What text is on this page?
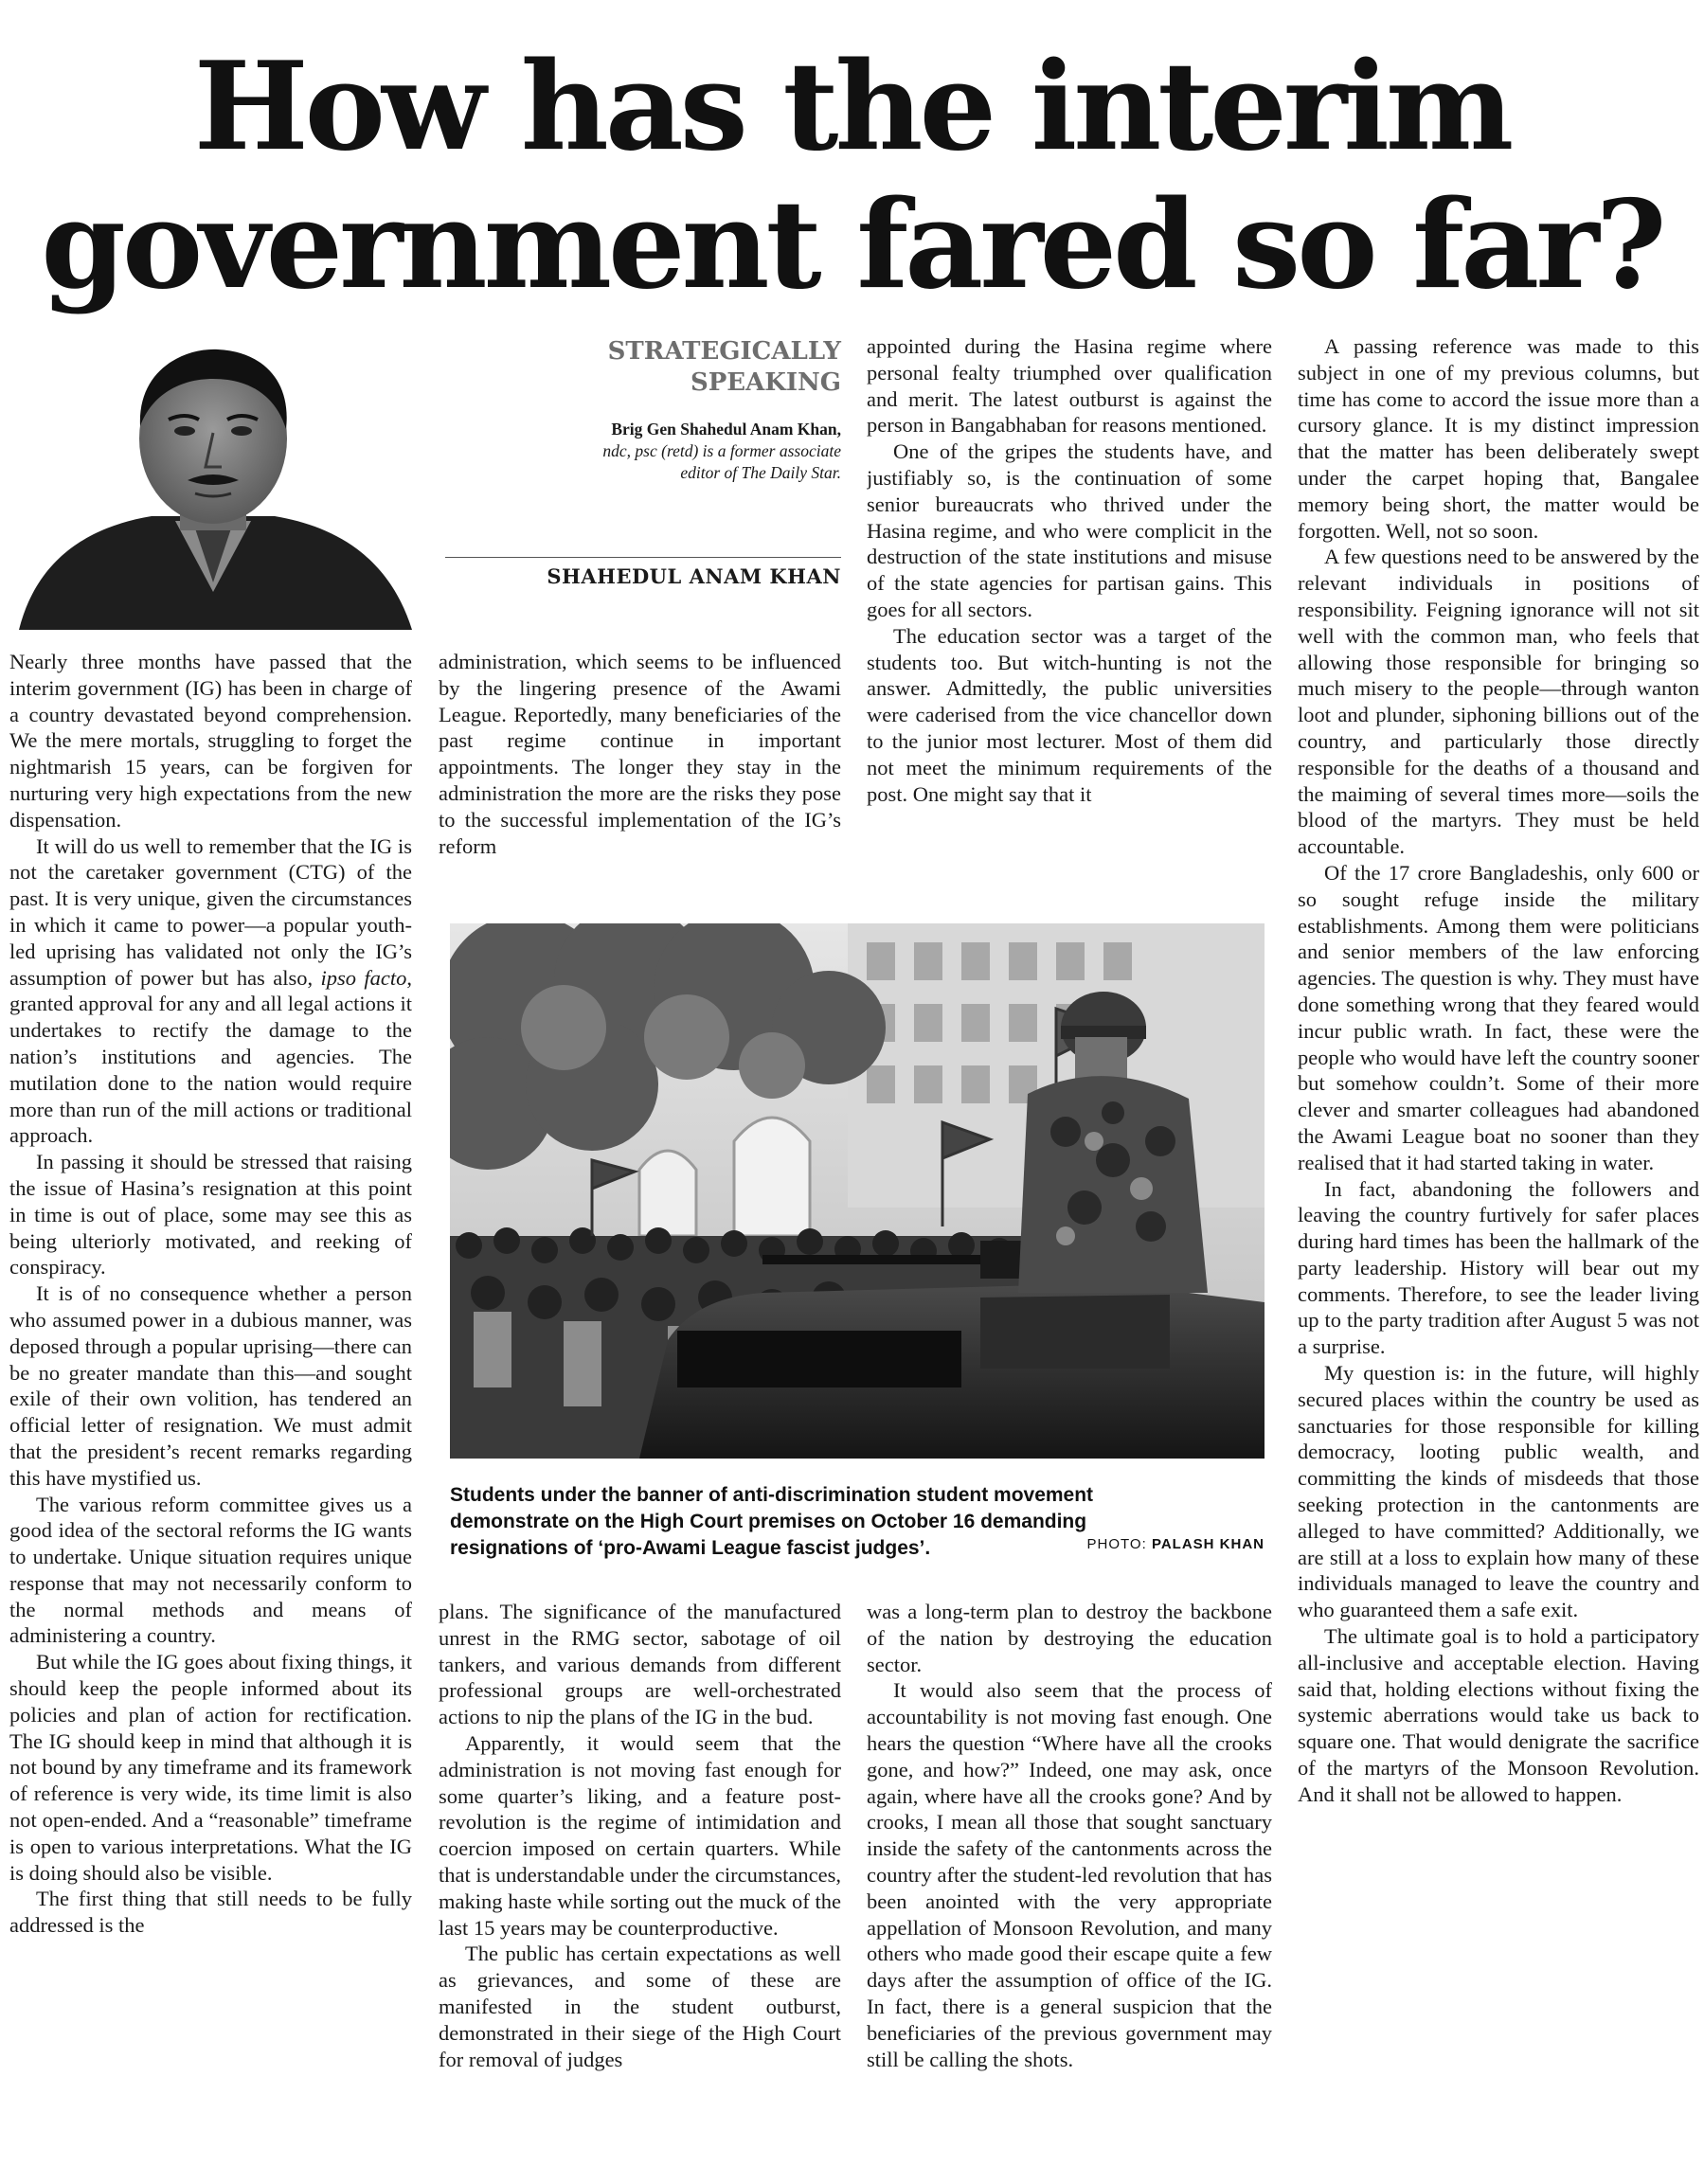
How has the interim
government fared so far?

STRATEGICALLY
SPEAKING

Brig Gen Shahedul Anam Khan,
ndc, psc (retd) is a former associate
editor of The Daily Star.

SHAHEDUL ANAM KHAN

Nearly three months have passed that the interim government (IG) has been in charge of a country devastated beyond comprehension. We the mere mortals, struggling to forget the nightmarish 15 years, can be forgiven for nurturing very high expectations from the new dispensation.

It will do us well to remember that the IG is not the caretaker government (CTG) of the past. It is very unique, given the circumstances in which it came to power—a popular youth-led uprising has validated not only the IG’s assumption of power but has also, ipso facto, granted approval for any and all legal actions it undertakes to rectify the damage to the nation’s institutions and agencies. The mutilation done to the nation would require more than run of the mill actions or traditional approach.

In passing it should be stressed that raising the issue of Hasina’s resignation at this point in time is out of place, some may see this as being ulteriorly motivated, and reeking of conspiracy.

It is of no consequence whether a person who assumed power in a dubious manner, was deposed through a popular uprising—there can be no greater mandate than this—and sought exile of their own volition, has tendered an official letter of resignation. We must admit that the president’s recent remarks regarding this have mystified us.

The various reform committee gives us a good idea of the sectoral reforms the IG wants to undertake. Unique situation requires unique response that may not necessarily conform to the normal methods and means of administering a country.

But while the IG goes about fixing things, it should keep the people informed about its policies and plan of action for rectification. The IG should keep in mind that although it is not bound by any timeframe and its framework of reference is very wide, its time limit is also not open-ended. And a “reasonable” timeframe is open to various interpretations. What the IG is doing should also be visible.

The first thing that still needs to be fully addressed is the

administration, which seems to be influenced by the lingering presence of the Awami League. Reportedly, many beneficiaries of the past regime continue in important appointments. The longer they stay in the administration the more are the risks they pose to the successful implementation of the IG’s reform

plans. The significance of the manufactured unrest in the RMG sector, sabotage of oil tankers, and various demands from different professional groups are well-orchestrated actions to nip the plans of the IG in the bud.

Apparently, it would seem that the administration is not moving fast enough for some quarter’s liking, and a feature post-revolution is the regime of intimidation and coercion imposed on certain quarters. While that is understandable under the circumstances, making haste while sorting out the muck of the last 15 years may be counterproductive.

The public has certain expectations as well as grievances, and some of these are manifested in the student outburst, demonstrated in their siege of the High Court for removal of judges

appointed during the Hasina regime where personal fealty triumphed over qualification and merit. The latest outburst is against the person in Bangabhaban for reasons mentioned.

One of the gripes the students have, and justifiably so, is the continuation of some senior bureaucrats who thrived under the Hasina regime, and who were complicit in the destruction of the state institutions and misuse of the state agencies for partisan gains. This goes for all sectors.

The education sector was a target of the students too. But witch-hunting is not the answer. Admittedly, the public universities were caderised from the vice chancellor down to the junior most lecturer. Most of them did not meet the minimum requirements of the post. One might say that it

was a long-term plan to destroy the backbone of the nation by destroying the education sector.

It would also seem that the process of accountability is not moving fast enough. One hears the question “Where have all the crooks gone, and how?” Indeed, one may ask, once again, where have all the crooks gone? And by crooks, I mean all those that sought sanctuary inside the safety of the cantonments across the country after the student-led revolution that has been anointed with the very appropriate appellation of Monsoon Revolution, and many others who made good their escape quite a few days after the assumption of office of the IG. In fact, there is a general suspicion that the beneficiaries of the previous government may still be calling the shots.

A passing reference was made to this subject in one of my previous columns, but time has come to accord the issue more than a cursory glance. It is my distinct impression that the matter has been deliberately swept under the carpet hoping that, Bangalee memory being short, the matter would be forgotten. Well, not so soon.

A few questions need to be answered by the relevant individuals in positions of responsibility. Feigning ignorance will not sit well with the common man, who feels that allowing those responsible for bringing so much misery to the people—through wanton loot and plunder, siphoning billions out of the country, and particularly those directly responsible for the deaths of a thousand and the maiming of several times more—soils the blood of the martyrs. They must be held accountable.

Of the 17 crore Bangladeshis, only 600 or so sought refuge inside the military establishments. Among them were politicians and senior members of the law enforcing agencies. The question is why. They must have done something wrong that they feared would incur public wrath. In fact, these were the people who would have left the country sooner but somehow couldn’t. Some of their more clever and smarter colleagues had abandoned the Awami League boat no sooner than they realised that it had started taking in water.

In fact, abandoning the followers and leaving the country furtively for safer places during hard times has been the hallmark of the party leadership. History will bear out my comments. Therefore, to see the leader living up to the party tradition after August 5 was not a surprise.

My question is: in the future, will highly secured places within the country be used as sanctuaries for those responsible for killing democracy, looting public wealth, and committing the kinds of misdeeds that those seeking protection in the cantonments are alleged to have committed? Additionally, we are still at a loss to explain how many of these individuals managed to leave the country and who guaranteed them a safe exit.

The ultimate goal is to hold a participatory all-inclusive and acceptable election. Having said that, holding elections without fixing the systemic aberrations would take us back to square one. That would denigrate the sacrifice of the martyrs of the Monsoon Revolution. And it shall not be allowed to happen.

Students under the banner of anti-discrimination student movement
demonstrate on the High Court premises on October 16 demanding
resignations of ‘pro-Awami League fascist judges’.	PHOTO: PALASH KHAN
